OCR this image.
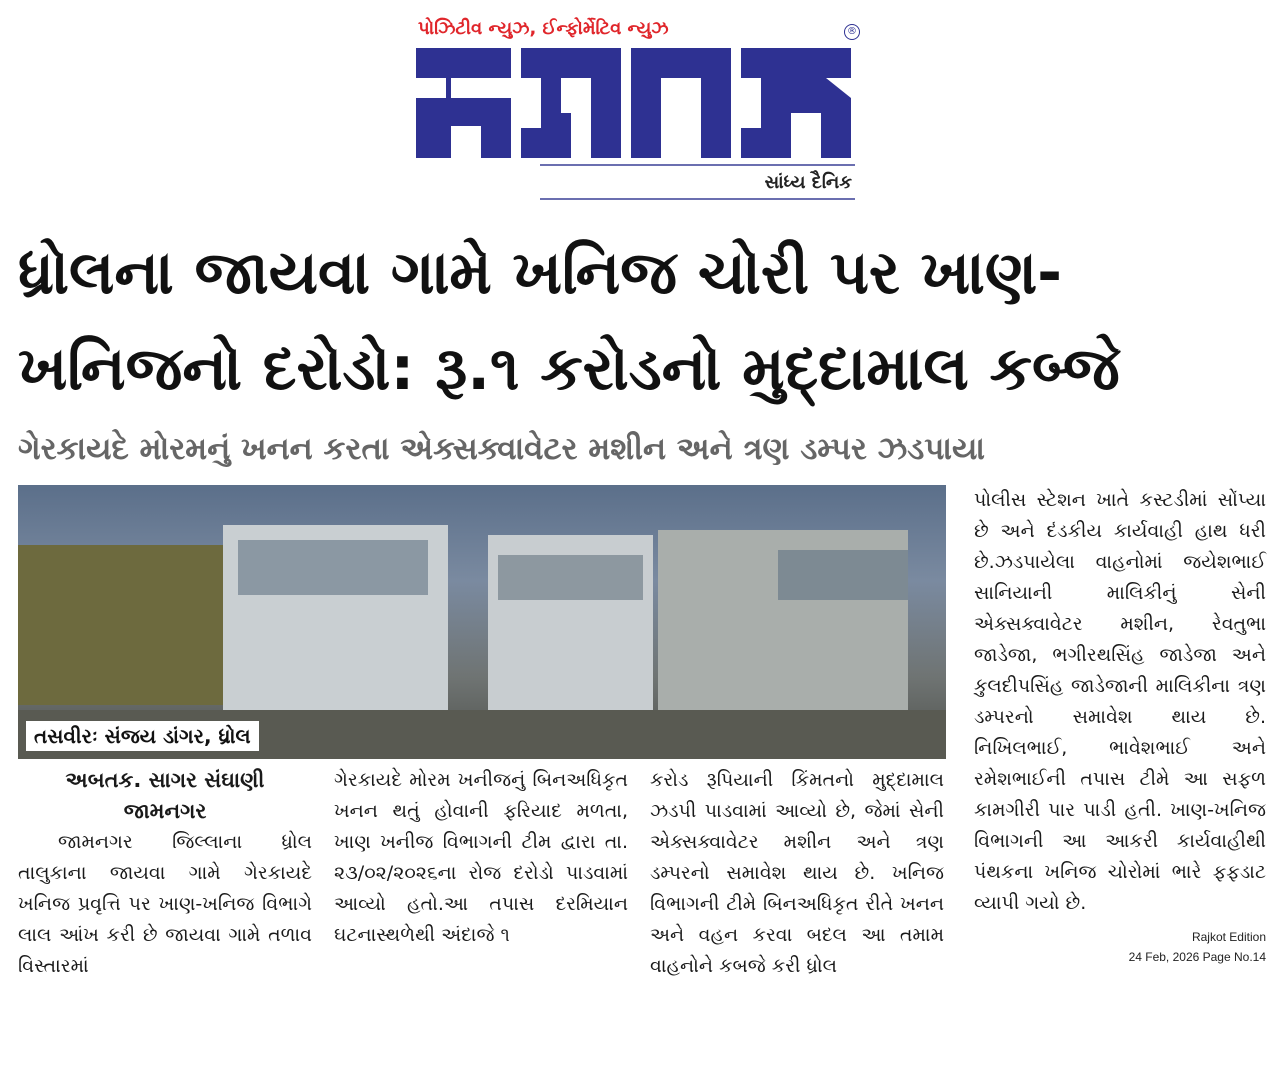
પોઝિટીવ ન્યુઝ, ઈન્ફોર્મેટિવ ન્યુઝ	®
સાંધ્ય દૈનિક
ધ્રોલના જાયવા ગામે ખનિજ ચોરી પર ખાણ-
ખનિજનો દરોડો: રૂ.૧ કરોડનો મુદ્દામાલ કબ્જે
ગેરકાયદે મોરમનું ખનન કરતા એક્સક્વાવેટર મશીન અને ત્રણ ડમ્પર ઝડપાયા
તસવીરઃ સંજય ડાંગર, ધ્રોલ
અબતક. સાગર સંઘાણી
જામનગર
જામનગર જિલ્લાના ધ્રોલ તાલુકાના જાયવા ગામે ગેરકાયદે ખનિજ પ્રવૃત્તિ પર ખાણ-ખનિજ વિભાગે લાલ આંખ કરી છે જાયવા ગામે તળાવ વિસ્તારમાં
ગેરકાયદે મોરમ ખનીજનું બિનઅધિકૃત ખનન થતું હોવાની ફરિયાદ મળતા, ખાણ ખનીજ વિભાગની ટીમ દ્વારા તા. ૨૩/૦૨/૨૦૨૬ના રોજ દરોડો પાડવામાં આવ્યો હતો.આ તપાસ દરમિયાન ઘટનાસ્થળેથી અંદાજે ૧
કરોડ રૂપિયાની કિંમતનો મુદ્દામાલ ઝડપી પાડવામાં આવ્યો છે, જેમાં સેની એક્સક્વાવેટર મશીન અને ત્રણ ડમ્પરનો સમાવેશ થાય છે. ખનિજ વિભાગની ટીમે બિનઅધિકૃત રીતે ખનન અને વહન કરવા બદલ આ તમામ વાહનોને કબજે કરી ધ્રોલ
પોલીસ સ્ટેશન ખાતે કસ્ટડીમાં સોંપ્યા છે અને દંડકીય કાર્યવાહી હાથ ધરી છે.ઝડપાયેલા વાહનોમાં જયેશભાઈ સાનિયાની માલિકીનું સેની એક્સક્વાવેટર મશીન, રેવતુભા જાડેજા, ભગીરથસિંહ જાડેજા અને કુલદીપસિંહ જાડેજાની માલિકીના ત્રણ ડમ્પરનો સમાવેશ થાય છે. નિખિલભાઈ, ભાવેશભાઈ અને રમેશભાઈની તપાસ ટીમે આ સફળ કામગીરી પાર પાડી હતી. ખાણ-ખનિજ વિભાગની આ આકરી કાર્યવાહીથી પંથકના ખનિજ ચોરોમાં ભારે ફફડાટ વ્યાપી ગયો છે.
Rajkot Edition
24 Feb, 2026 Page No.14
